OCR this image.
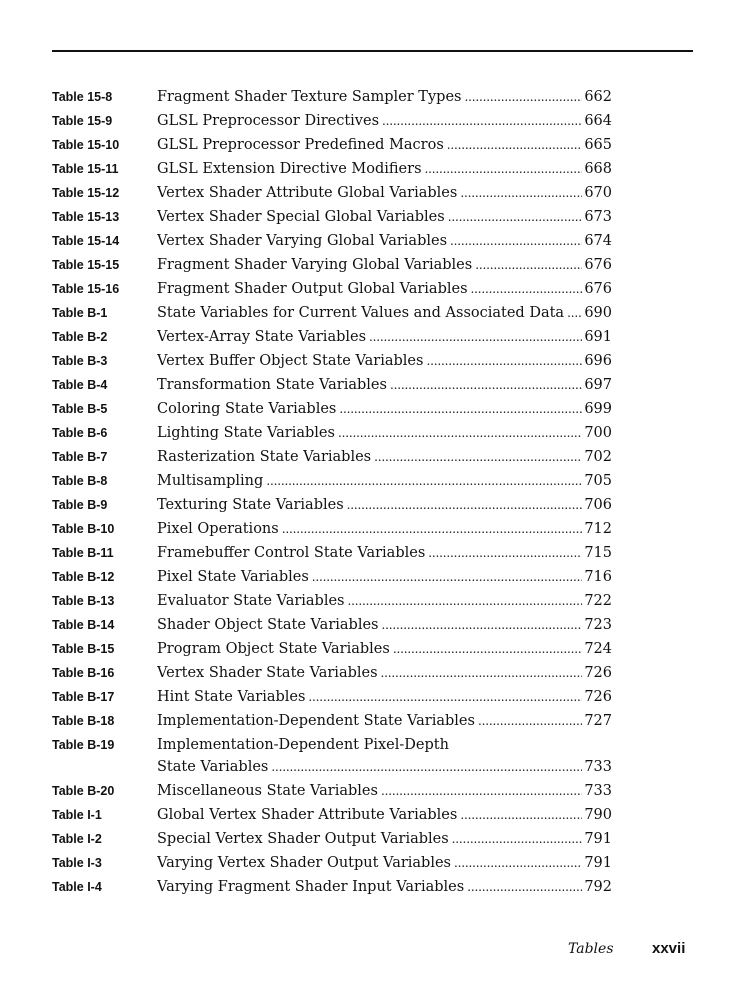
Table 15-8	Fragment Shader Texture Sampler Types . . .	662
Table 15-9	GLSL Preprocessor Directives . . .	664
Table 15-10	GLSL Preprocessor Predefined Macros . . .	665
Table 15-11	GLSL Extension Directive Modifiers . . .	668
Table 15-12	Vertex Shader Attribute Global Variables . . .	670
Table 15-13	Vertex Shader Special Global Variables . . .	673
Table 15-14	Vertex Shader Varying Global Variables . . .	674
Table 15-15	Fragment Shader Varying Global Variables . . .	676
Table 15-16	Fragment Shader Output Global Variables . . .	676
Table B-1	State Variables for Current Values and Associated Data . . . 690
Table B-2	Vertex-Array State Variables . . .	691
Table B-3	Vertex Buffer Object State Variables . . .	696
Table B-4	Transformation State Variables . . .	697
Table B-5	Coloring State Variables . . .	699
Table B-6	Lighting State Variables . . .	700
Table B-7	Rasterization State Variables . . .	702
Table B-8	Multisampling . . .	705
Table B-9	Texturing State Variables . . .	706
Table B-10	Pixel Operations . . .	712
Table B-11	Framebuffer Control State Variables . . .	715
Table B-12	Pixel State Variables . . .	716
Table B-13	Evaluator State Variables . . .	722
Table B-14	Shader Object State Variables . . .	723
Table B-15	Program Object State Variables . . .	724
Table B-16	Vertex Shader State Variables . . .	726
Table B-17	Hint State Variables . . .	726
Table B-18	Implementation-Dependent State Variables . . .	727
Table B-19	Implementation-Dependent Pixel-Depth
State Variables . . .	733
Table B-20	Miscellaneous State Variables . . .	733
Table I-1	Global Vertex Shader Attribute Variables . . .	790
Table I-2	Special Vertex Shader Output Variables . . .	791
Table I-3	Varying Vertex Shader Output Variables . . .	791
Table I-4	Varying Fragment Shader Input Variables . . .	792
Tables	xxvii
